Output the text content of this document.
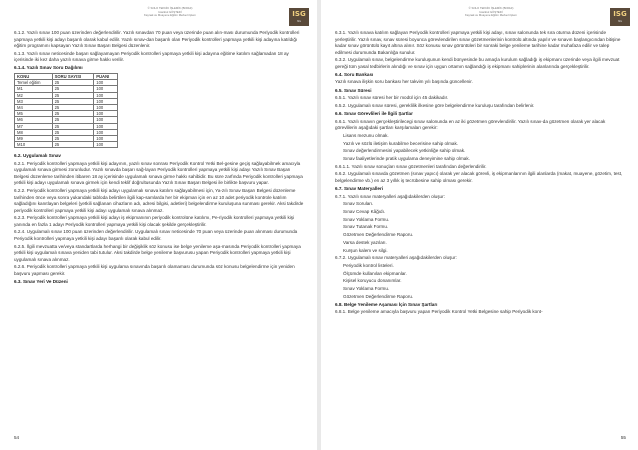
© SOLO TEKNİK İŞLEMİK (BODHI)
Istanbul GÖŞTEDİ
Kaynak ve Muayene Eğitim Merkezi Işlem	ISG
ISG

6.1.2. Yazılı sınav 100 puan üzerinden değerlendirilir. Yazılı sınavdan 70 puan veya üzerinde puan alın-ması durumunda Periyodik kontrolleri yapmaya yetkili kişi adayı başarılı olarak kabul edilir. Yazılı sınav-dan başarılı olan Periyodik kontrolleri yapmaya yetkili kişi adayına katıldığı eğitim programını kapsayan Yazılı Sınav Başarı Belgesi düzenlenir.

6.1.3. Yazılı sınav neticesinde başarı sağlayamayan Periyodik kontrolleri yapmaya yetkili kişi adayına eğitime katılım sağlamadan 18 ay içerisinde iki kez daha yazılı sınava girme hakkı verilir.

6.1.4. Yazılı Sınav Soru Dağılımı

KONU	SORU SAYISI	PUANI
Temel eğitim	25	100
M1	25	100
M2	25	100
M3	25	100
M4	25	100
M5	25	100
M6	25	100
M7	25	100
M8	25	100
M9	25	100
M10	25	100

6.2. Uygulamalı Sınav

6.2.1. Periyodik kontrolleri yapmaya yetkili kişi adayının, yazılı sınav sonrası Periyodik Kontrol Yetki Bel-gesine geçiş sağlayabilmek amacıyla uygulamalı sınava girmesi zorunludur. Yazılı sınavda başarı sağ-layan Periyodik kontrolleri yapmaya yetkili kişi adayı Yazılı Sınav Başarı Belgesi düzenleme tarihinden itibaren 18 ay içerisinde uygulamalı sınava girme hakkı sahibidir. Bu süre zarfında Periyodik kontrolleri yapmaya yetkili kişi adayı uygulamalı sınava girmek için kendi teklif doğrultusunda Yazılı Sınav Başarı Belgesi ile birlikte başvuru yapar.

6.2.2. Periyodik kontrolleri yapmaya yetkili kişi adayı uygulamalı sınava katılım sağlayabilmesi için, Ya-zılı Sınav Başarı Belgesi düzenleme tarihinden önce veya sonra yukarıdaki tabloda belirtilen ilgili kap-samlarda her bir ekipman için en az 10 adet periyodik kontrole katılım sağladığını kanıtlayan belgeleri (yetkili sağlanan cihazların adı, adresi bilgisi, adetleri) belgelendirme kuruluşuna sunması gerekir. Aksi takdirde periyodik kontrolleri yapmaya yetkili kişi adayı uygulamalı sınava alınmaz.

6.2.3. Periyodik kontrolleri yapmaya yetkili kişi adayı iş ekipmanının periyodik kontrolüne katılımı, Pe-riyodik kontrolleri yapmaya yetkili kişi yanında en fazla 1 adayı Periyodik kontrolleri yapmaya yetkili kişi olacak şekilde gerçekleştirilir.

6.2.4. Uygulamalı sınav 100 puan üzerinden değerlendirilir. Uygulamalı sınav neticesinde 70 puan veya üzerinde puan alınması durumunda Periyodik kontrolleri yapmaya yetkili kişi adayı başarılı olarak kabul edilir.

6.2.5. İlgili mevzuatta ve/veya standartlarda herhangi bir değişiklik söz konusu ise belge yenileme aşa-masında Periyodik kontrolleri yapmaya yetkili kişi uygulamalı sınava yeniden tabi tutulur. Aksi takdirde belge yenileme başvurusu yapan Periyodik kontrolleri yapmaya yetkili kişi uygulamalı sınava alınmaz.

6.2.6. Periyodik kontrolleri yapmaya yetkili kişi uygulama sınavında başarılı olamaması durumunda söz konusu belgelendirme için yeniden başvuru yapması gerekir.

6.3. Sınav Yeri Ve Düzeni

54
© SOLO TEKNİK İŞLEMİK (BODHI)
Istanbul GÖŞTEDİ
Kaynak ve Muayene Eğitim Merkezi Işlem	ISG
ISG

6.3.1. Yazılı sınava katılım sağlayan Periyodik kontrolleri yapmaya yetkili kişi adayı, sınav salonunda tek sıra oturma düzeni içerisinde yerleştirilir. Yazılı sınav, sınav süresi boyunca görevlendirilen sınav gözetmenlerinin kontrolü altında yapılır ve sınavın başlangıcından bitişine kadar sınav görüntülü kayıt altına alınır. Söz konusu sınav görüntüleri bir sonraki belge yenileme tarihine kadar muhafaza edilir ve talep edilmesi durumunda Bakanlığa sunulur.

6.3.2. Uygulamalı sınav, belgelendirme kuruluşunun kendi bünyesinde bu amaçla kurulum sağladığı iş ekipmanı üzerinde veya ilgili mevzuat gereği tüm yasal tedbirlerin alındığı ve sınav için uygun ortamın sağlandığı iş ekipmanı sahiplerinin alanlarında gerçekleştirilir.

6.4. Soru Bankası

Yazılı sınava ilişkin soru bankası her takvim yılı başında güncellenir.

6.5. Sınav Süresi

6.5.1. Yazılı sınav süresi her bir modül için 45 dakikadır.

6.5.2. Uygulamalı sınav süresi, gereklilik ilkesine göre belgelendirme kuruluşu tarafından belirlenir.

6.6. Sınav Görevlileri ile İlgili Şartlar

6.6.1. Yazılı sınavın gerçekleştirilecegi sınav salonunda en az iki gözetmen görevlendirilir. Yazılı sınav-da gözetmen olarak yer alacak görevlilerin aşağıdaki şartları karşılamaları gerekir:

Lisans mezunu olmak.

Yazılı ve sözlü iletişim kurabilme becerisine sahip olmak.

Sınav değerlendirmesini yapabilecek yetkinliğe sahip olmak.

Sınav faaliyetlerinde pratik uygulama deneyimine sahip olmak.

6.6.1.1. Yazılı sınav sonuçları sınav gözetmenleri tarafından değerlendirilir.

6.6.2. Uygulamalı sınavda gözetmen (sınav yapıcı) olarak yer alacak görevli, iş ekipmanlarının ilgili alanlarda (makat, muayene, gözetim, test, belgelendirme vb.) en az 3 yıllık iş tecrübesine sahip olması gerekir.

6.7. Sınav Materyalleri

6.7.1. Yazılı sınav materyalleri aşağıdakilerden oluşur:

Sınav Soruları.

Sınav Cevap Kâğıdı.

Sınav Yoklama Formu.

Sınav Tutanak Formu.

Gözetmen Değerlendirme Raporu.

Varsa destek yazıları.

Kurşun kalem ve silgi.

6.7.2. Uygulamalı sınav materyalleri aşağıdakilerden oluşur:

Periyodik kontrol listeleri.

Ölçümde kullanılan ekipmanlar.

Kişisel koruyucu donanımlar.

Sınav Yoklama Formu.

Gözetmen Değerlendirme Raporu.

6.8. Belge Yenileme Aşaması İçin Sınav Şartları

6.8.1. Belge yenileme amacıyla başvuru yapan Periyodik Kontrol Yetki Belgesine sahip Periyodik kont-

55
